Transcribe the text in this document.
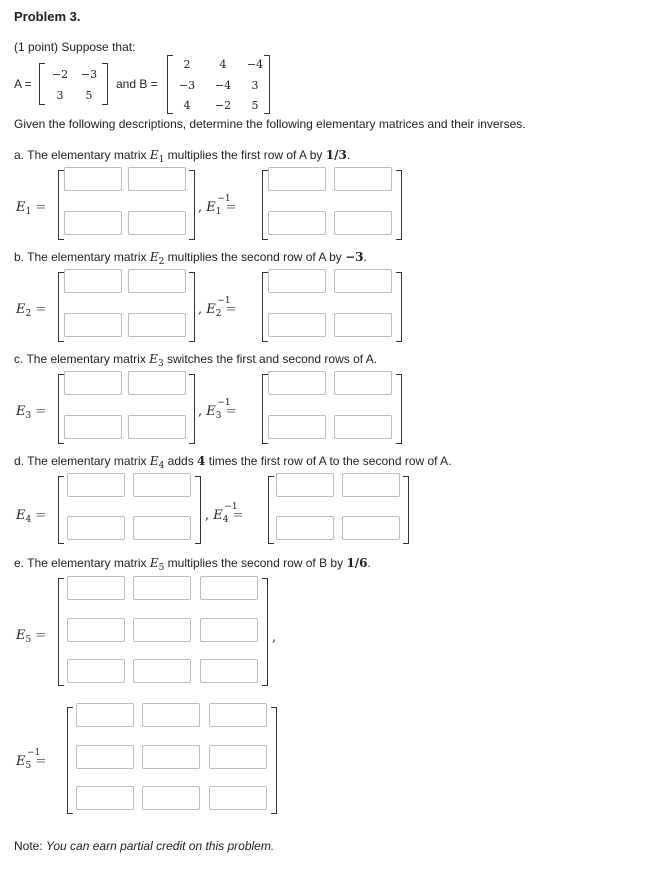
Problem 3.
(1 point) Suppose that:
A =
−2	−3
3	5
and B =
2	4	−4
−3	−4	3
4	−2	5
Given the following descriptions, determine the following elementary matrices and their inverses.
a. The elementary matrix $E_1$ multiplies the first row of A by 1/3.
$E_1$ =	, E
−1
$_1$ =
b. The elementary matrix $E_2$ multiplies the second row of A by −3.
$E_2$ =	, E
−1
$_2$ =
c. The elementary matrix $E_3$ switches the first and second rows of A.
$E_3$ =	, E
−1
$_3$ =
d. The elementary matrix $E_4$ adds 4 times the first row of A to the second row of A.
$E_4$ =	, E
−1
$_4$ =
e. The elementary matrix $E_5$ multiplies the second row of B by 1/6.
$E_5$ =	,
E
−1
$_5$ =
Note: You can earn partial credit on this problem.
